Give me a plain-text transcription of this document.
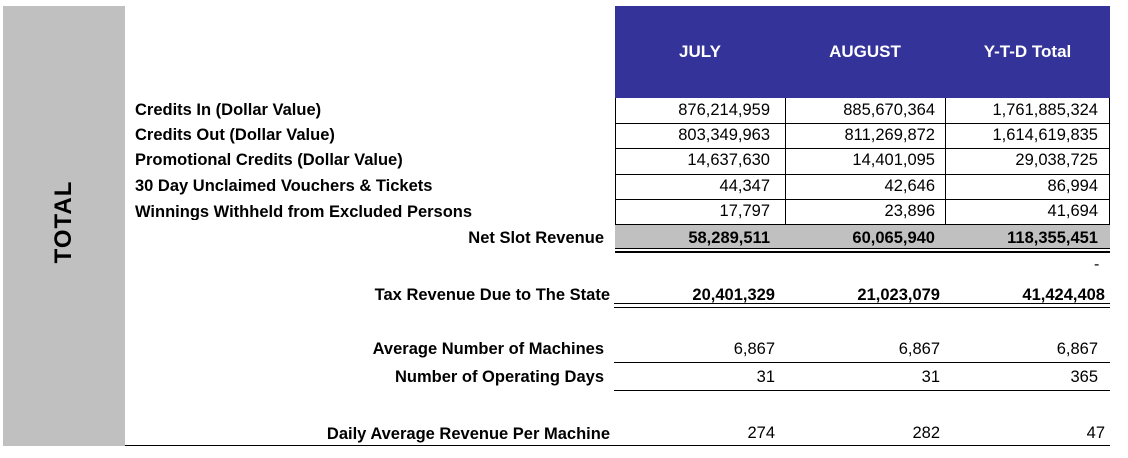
TOTAL
JULY	AUGUST	Y-T-D Total
Credits In (Dollar Value)	876,214,959	885,670,364	1,761,885,324
Credits Out (Dollar Value)	803,349,963	811,269,872	1,614,619,835
Promotional Credits (Dollar Value)	14,637,630	14,401,095	29,038,725
30 Day Unclaimed Vouchers & Tickets	44,347	42,646	86,994
Winnings Withheld from Excluded Persons	17,797	23,896	41,694
Net Slot Revenue	58,289,511	60,065,940	118,355,451
-
Tax Revenue Due to The State	20,401,329	21,023,079	41,424,408
Average Number of Machines	6,867	6,867	6,867
Number of Operating Days	31	31	365
Daily Average Revenue Per Machine	274	282	47
